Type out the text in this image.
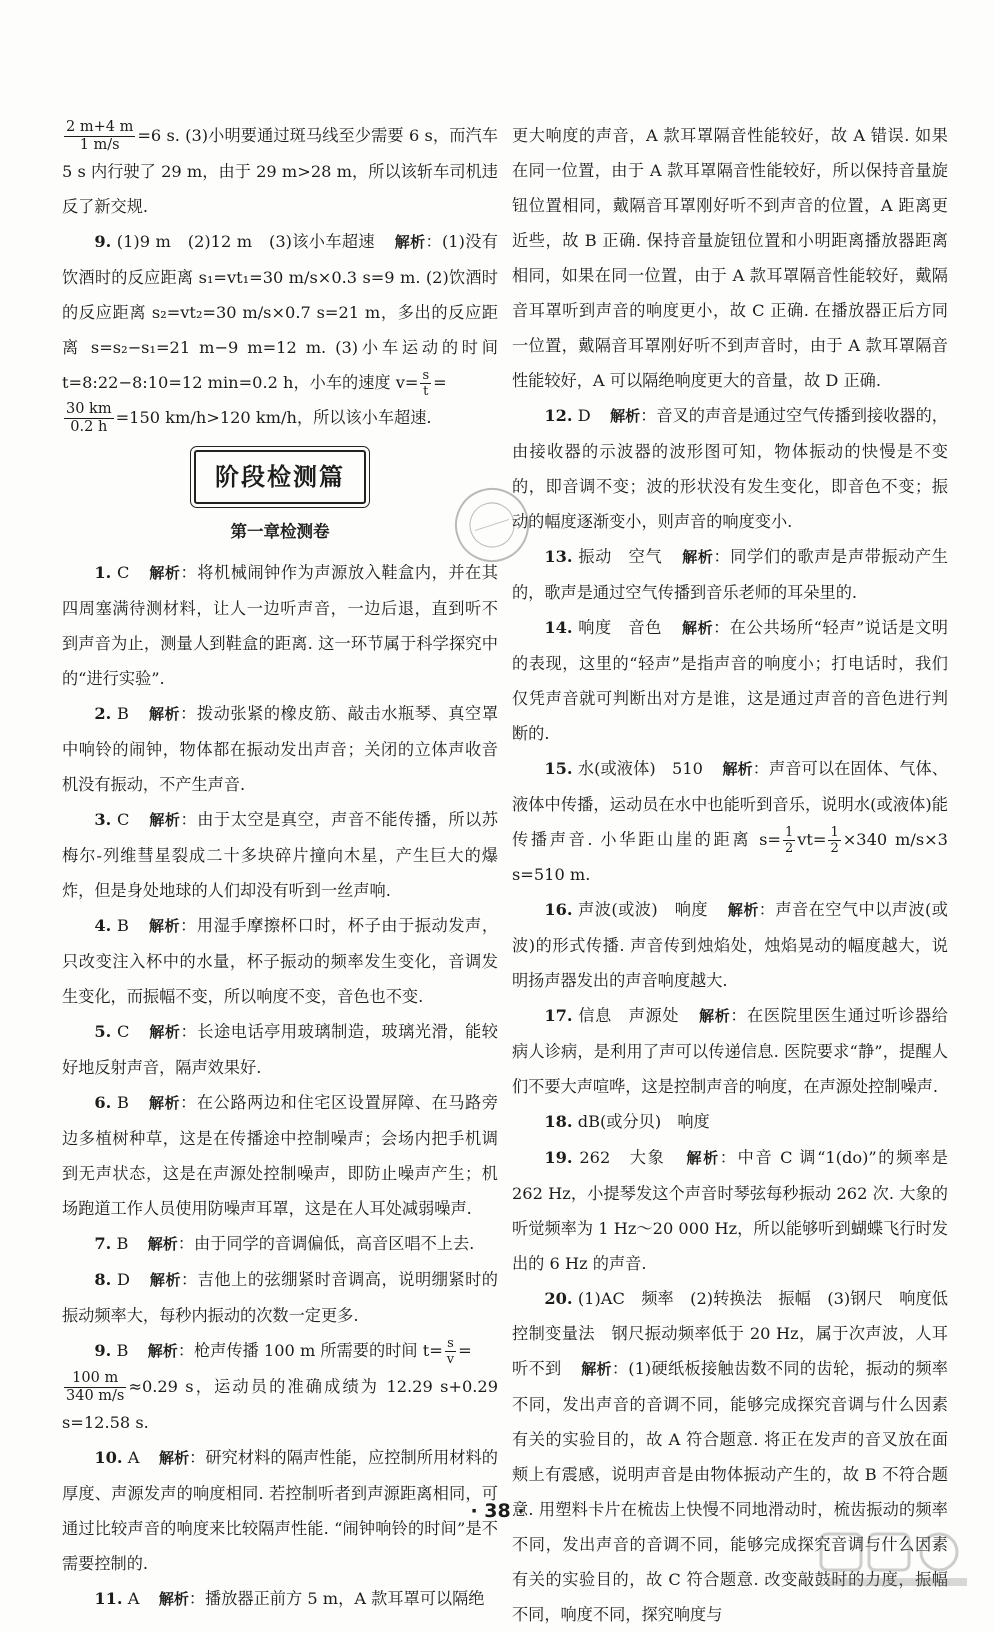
$\frac{2 m+4 m}{1 m/s} =6$ s. (3)小明要通过斑马线至少需要 6 s，而汽车 5 s 内行驶了 29 m，由于 29 m>28 m，所以该斩车司机违反了新交规.

9. (1)9 m　(2)12 m　(3)该小车超速 解析：(1)没有饮酒时的反应距离 s₁=vt₁=30 m/s×0.3 s=9 m. (2)饮酒时的反应距离 s₂=vt₂=30 m/s×0.7 s=21 m，多出的反应距离 s=s₂−s₁=21 m−9 m=12 m. (3)小车运动的时间 t=8:22−8:10=12 min=0.2 h，小车的速度 $v= \frac{s}{t}$ =

$\frac{30 km}{0.2 h} =150$ km/h>120 km/h，所以该小车超速.

阶段检测篇
第一章检测卷

1. C 解析：将机械闹钟作为声源放入鞋盒内，并在其四周塞满待测材料，让人一边听声音，一边后退，直到听不到声音为止，测量人到鞋盒的距离. 这一环节属于科学探究中的“进行实验”.

2. B 解析：拨动张紧的橡皮筋、敲击水瓶琴、真空罩中响铃的闹钟，物体都在振动发出声音；关闭的立体声收音机没有振动，不产生声音.

3. C 解析：由于太空是真空，声音不能传播，所以苏梅尔-列维彗星裂成二十多块碎片撞向木星，产生巨大的爆炸，但是身处地球的人们却没有听到一丝声响.

4. B 解析：用湿手摩擦杯口时，杯子由于振动发声，只改变注入杯中的水量，杯子振动的频率发生变化，音调发生变化，而振幅不变，所以响度不变，音色也不变.

5. C 解析：长途电话亭用玻璃制造，玻璃光滑，能较好地反射声音，隔声效果好.

6. B 解析：在公路两边和住宅区设置屏障、在马路旁边多植树种草，这是在传播途中控制噪声；会场内把手机调到无声状态，这是在声源处控制噪声，即防止噪声产生；机场跑道工作人员使用防噪声耳罩，这是在人耳处减弱噪声.

7. B 解析：由于同学的音调偏低，高音区唱不上去.

8. D 解析：吉他上的弦绷紧时音调高，说明绷紧时的振动频率大，每秒内振动的次数一定更多.

9. B 解析：枪声传播 100 m 所需要的时间 $t= \frac{s}{v}$ =

$\frac{100 m}{340 m/s} \approx 0.29$ s，运动员的准确成绩为 12.29 s+0.29 s=12.58 s.

10. A 解析：研究材料的隔声性能，应控制所用材料的厚度、声源发声的响度相同. 若控制听者到声源距离相同，可通过比较声音的响度来比较隔声性能. “闹钟响铃的时间”是不需要控制的.

11. A 解析：播放器正前方 5 m，A 款耳罩可以隔绝

更大响度的声音，A 款耳罩隔音性能较好，故 A 错误. 如果在同一位置，由于 A 款耳罩隔音性能较好，所以保持音量旋钮位置相同，戴隔音耳罩刚好听不到声音的位置，A 距离更近些，故 B 正确. 保持音量旋钮位置和小明距离播放器距离相同，如果在同一位置，由于 A 款耳罩隔音性能较好，戴隔音耳罩听到声音的响度更小，故 C 正确. 在播放器正后方同一位置，戴隔音耳罩刚好听不到声音时，由于 A 款耳罩隔音性能较好，A 可以隔绝响度更大的音量，故 D 正确.

12. D 解析：音叉的声音是通过空气传播到接收器的，由接收器的示波器的波形图可知，物体振动的快慢是不变的，即音调不变；波的形状没有发生变化，即音色不变；振动的幅度逐渐变小，则声音的响度变小.

13. 振动　空气 解析：同学们的歌声是声带振动产生的，歌声是通过空气传播到音乐老师的耳朵里的.

14. 响度　音色 解析：在公共场所“轻声”说话是文明的表现，这里的“轻声”是指声音的响度小；打电话时，我们仅凭声音就可判断出对方是谁，这是通过声音的音色进行判断的.

15. 水(或液体)　510 解析：声音可以在固体、气体、液体中传播，运动员在水中也能听到音乐，说明水(或液体)能传播声音. 小华距山崖的距离 $s= \frac{1}{2} vt= \frac{1}{2} \times 340$ m/s×3 s=510 m.

16. 声波(或波)　响度 解析：声音在空气中以声波(或波)的形式传播. 声音传到烛焰处，烛焰晃动的幅度越大，说明扬声器发出的声音响度越大.

17. 信息　声源处 解析：在医院里医生通过听诊器给病人诊病，是利用了声可以传递信息. 医院要求“静”，提醒人们不要大声喧哗，这是控制声音的响度，在声源处控制噪声.

18. dB(或分贝)　响度

19. 262　大象 解析：中音 C 调“1(do)”的频率是 262 Hz，小提琴发这个声音时琴弦每秒振动 262 次. 大象的听觉频率为 1 Hz～20 000 Hz，所以能够听到蝴蝶飞行时发出的 6 Hz 的声音.

20. (1)AC　频率　(2)转换法　振幅　(3)钢尺　响度低　控制变量法　钢尺振动频率低于 20 Hz，属于次声波，人耳听不到 解析：(1)硬纸板接触齿数不同的齿轮，振动的频率不同，发出声音的音调不同，能够完成探究音调与什么因素有关的实验目的，故 A 符合题意. 将正在发声的音叉放在面颊上有震感，说明声音是由物体振动产生的，故 B 不符合题意. 用塑料卡片在梳齿上快慢不同地滑动时，梳齿振动的频率不同，发出声音的音调不同，能够完成探究音调与什么因素有关的实验目的，故 C 符合题意. 改变敲鼓时的力度，振幅不同，响度不同，探究响度与

· 38 ·
